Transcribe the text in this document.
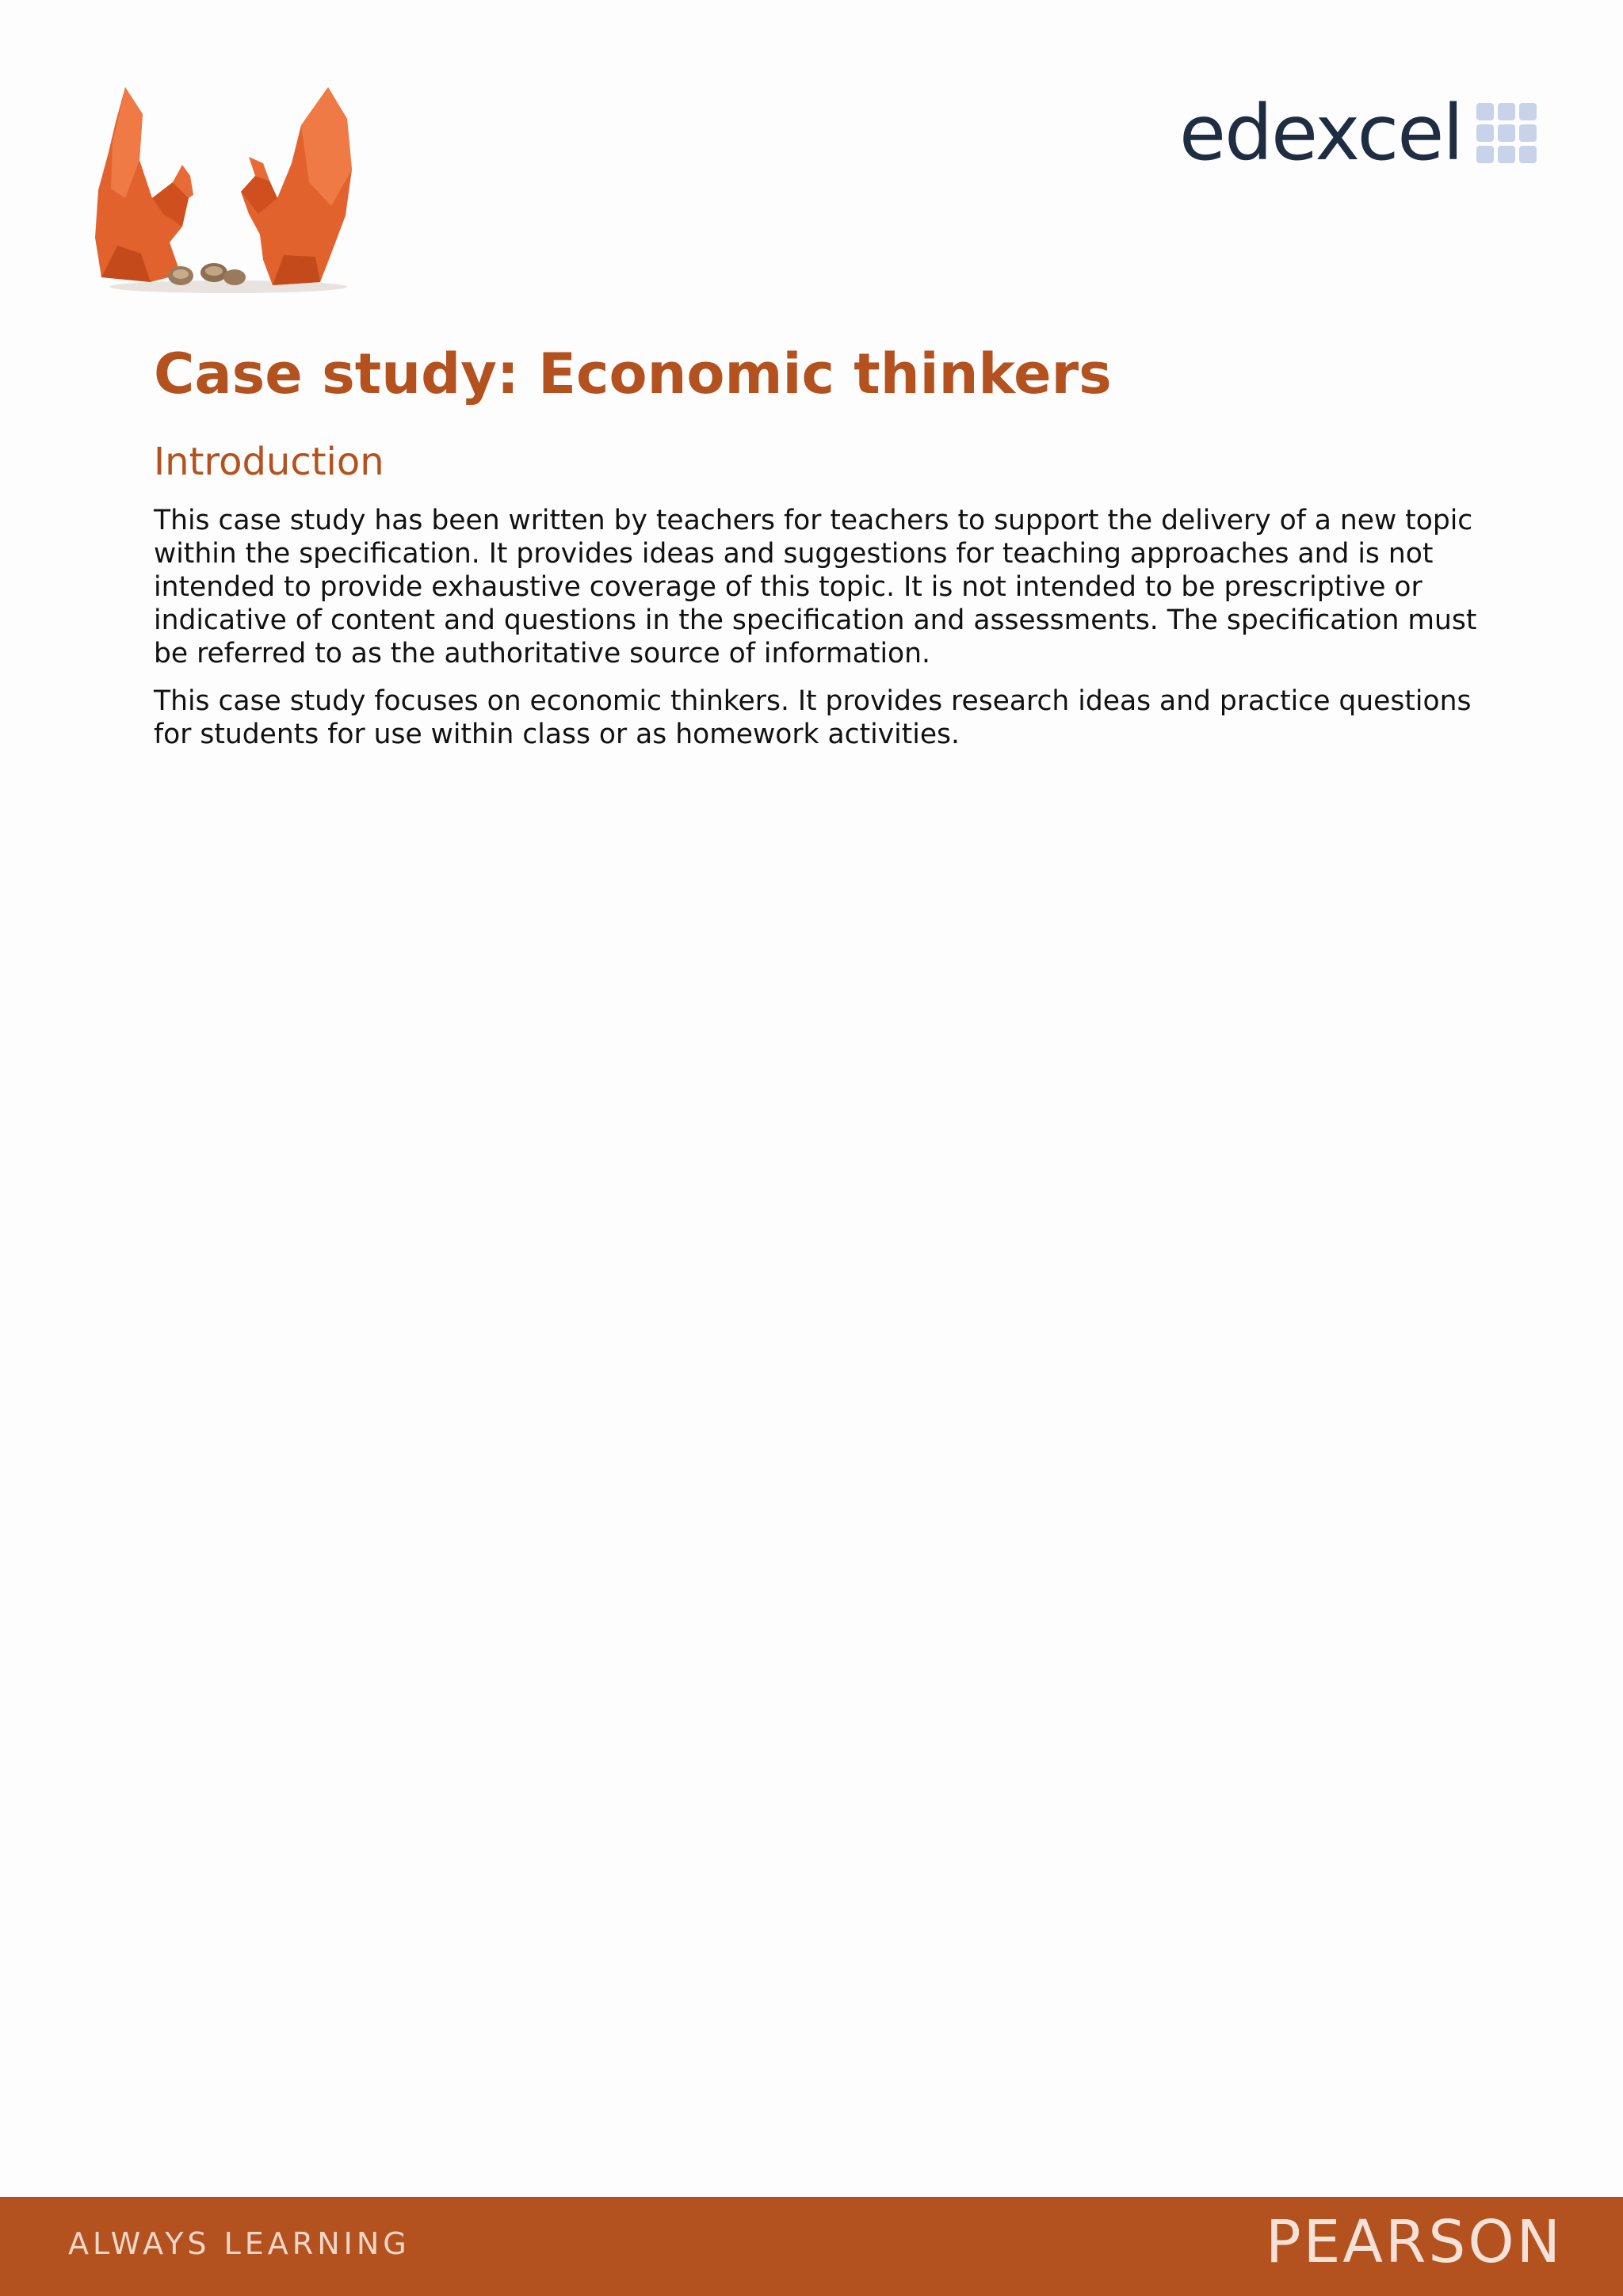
edexcel
Case study: Economic thinkers
Introduction

This case study has been written by teachers for teachers to support the delivery of a new topic within the specification. It provides ideas and suggestions for teaching approaches and is not intended to provide exhaustive coverage of this topic. It is not intended to be prescriptive or indicative of content and questions in the specification and assessments. The specification must be referred to as the authoritative source of information.

This case study focuses on economic thinkers. It provides research ideas and practice questions for students for use within class or as homework activities.

ALWAYS LEARNING	PEARSON
